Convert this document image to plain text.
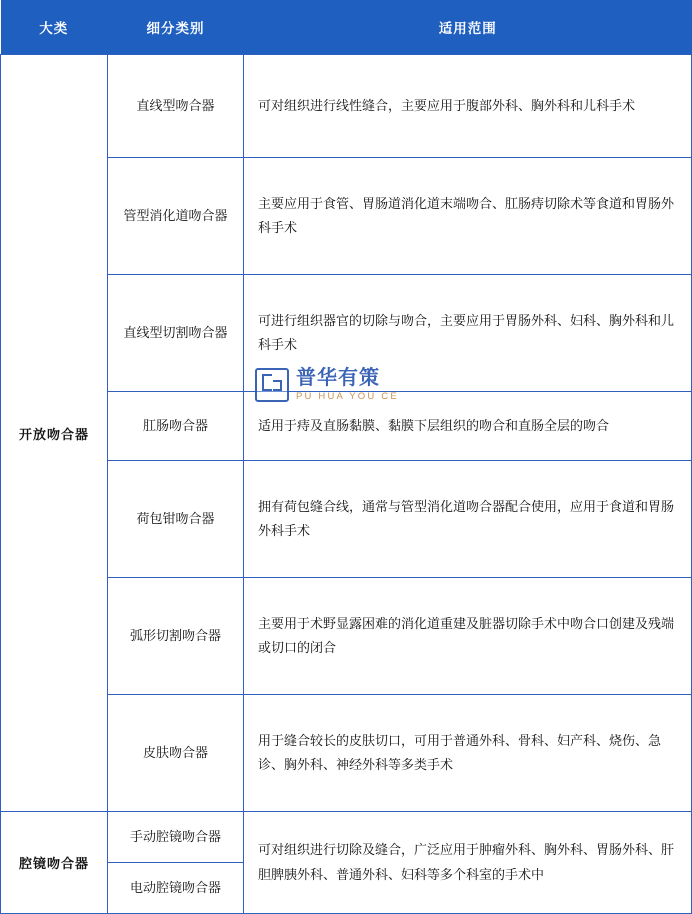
大类	细分类别	适用范围
开放吻合器	直线型吻合器	可对组织进行线性缝合，主要应用于腹部外科、胸外科和儿科手术
	管型消化道吻合器	主要应用于食管、胃肠道消化道末端吻合、肛肠痔切除术等食道和胃肠外科手术
	直线型切割吻合器	可进行组织器官的切除与吻合，主要应用于胃肠外科、妇科、胸外科和儿科手术
	肛肠吻合器	适用于痔及直肠黏膜、黏膜下层组织的吻合和直肠全层的吻合
	荷包钳吻合器	拥有荷包缝合线，通常与管型消化道吻合器配合使用，应用于食道和胃肠外科手术
	弧形切割吻合器	主要用于术野显露困难的消化道重建及脏器切除手术中吻合口创建及残端或切口的闭合
	皮肤吻合器	用于缝合较长的皮肤切口，可用于普通外科、骨科、妇产科、烧伤、急诊、胸外科、神经外科等多类手术
腔镜吻合器	手动腔镜吻合器	可对组织进行切除及缝合，广泛应用于肿瘤外科、胸外科、胃肠外科、肝胆脾胰外科、普通外科、妇科等多个科室的手术中
	电动腔镜吻合器	
普华有策
PU HUA YOU CE
